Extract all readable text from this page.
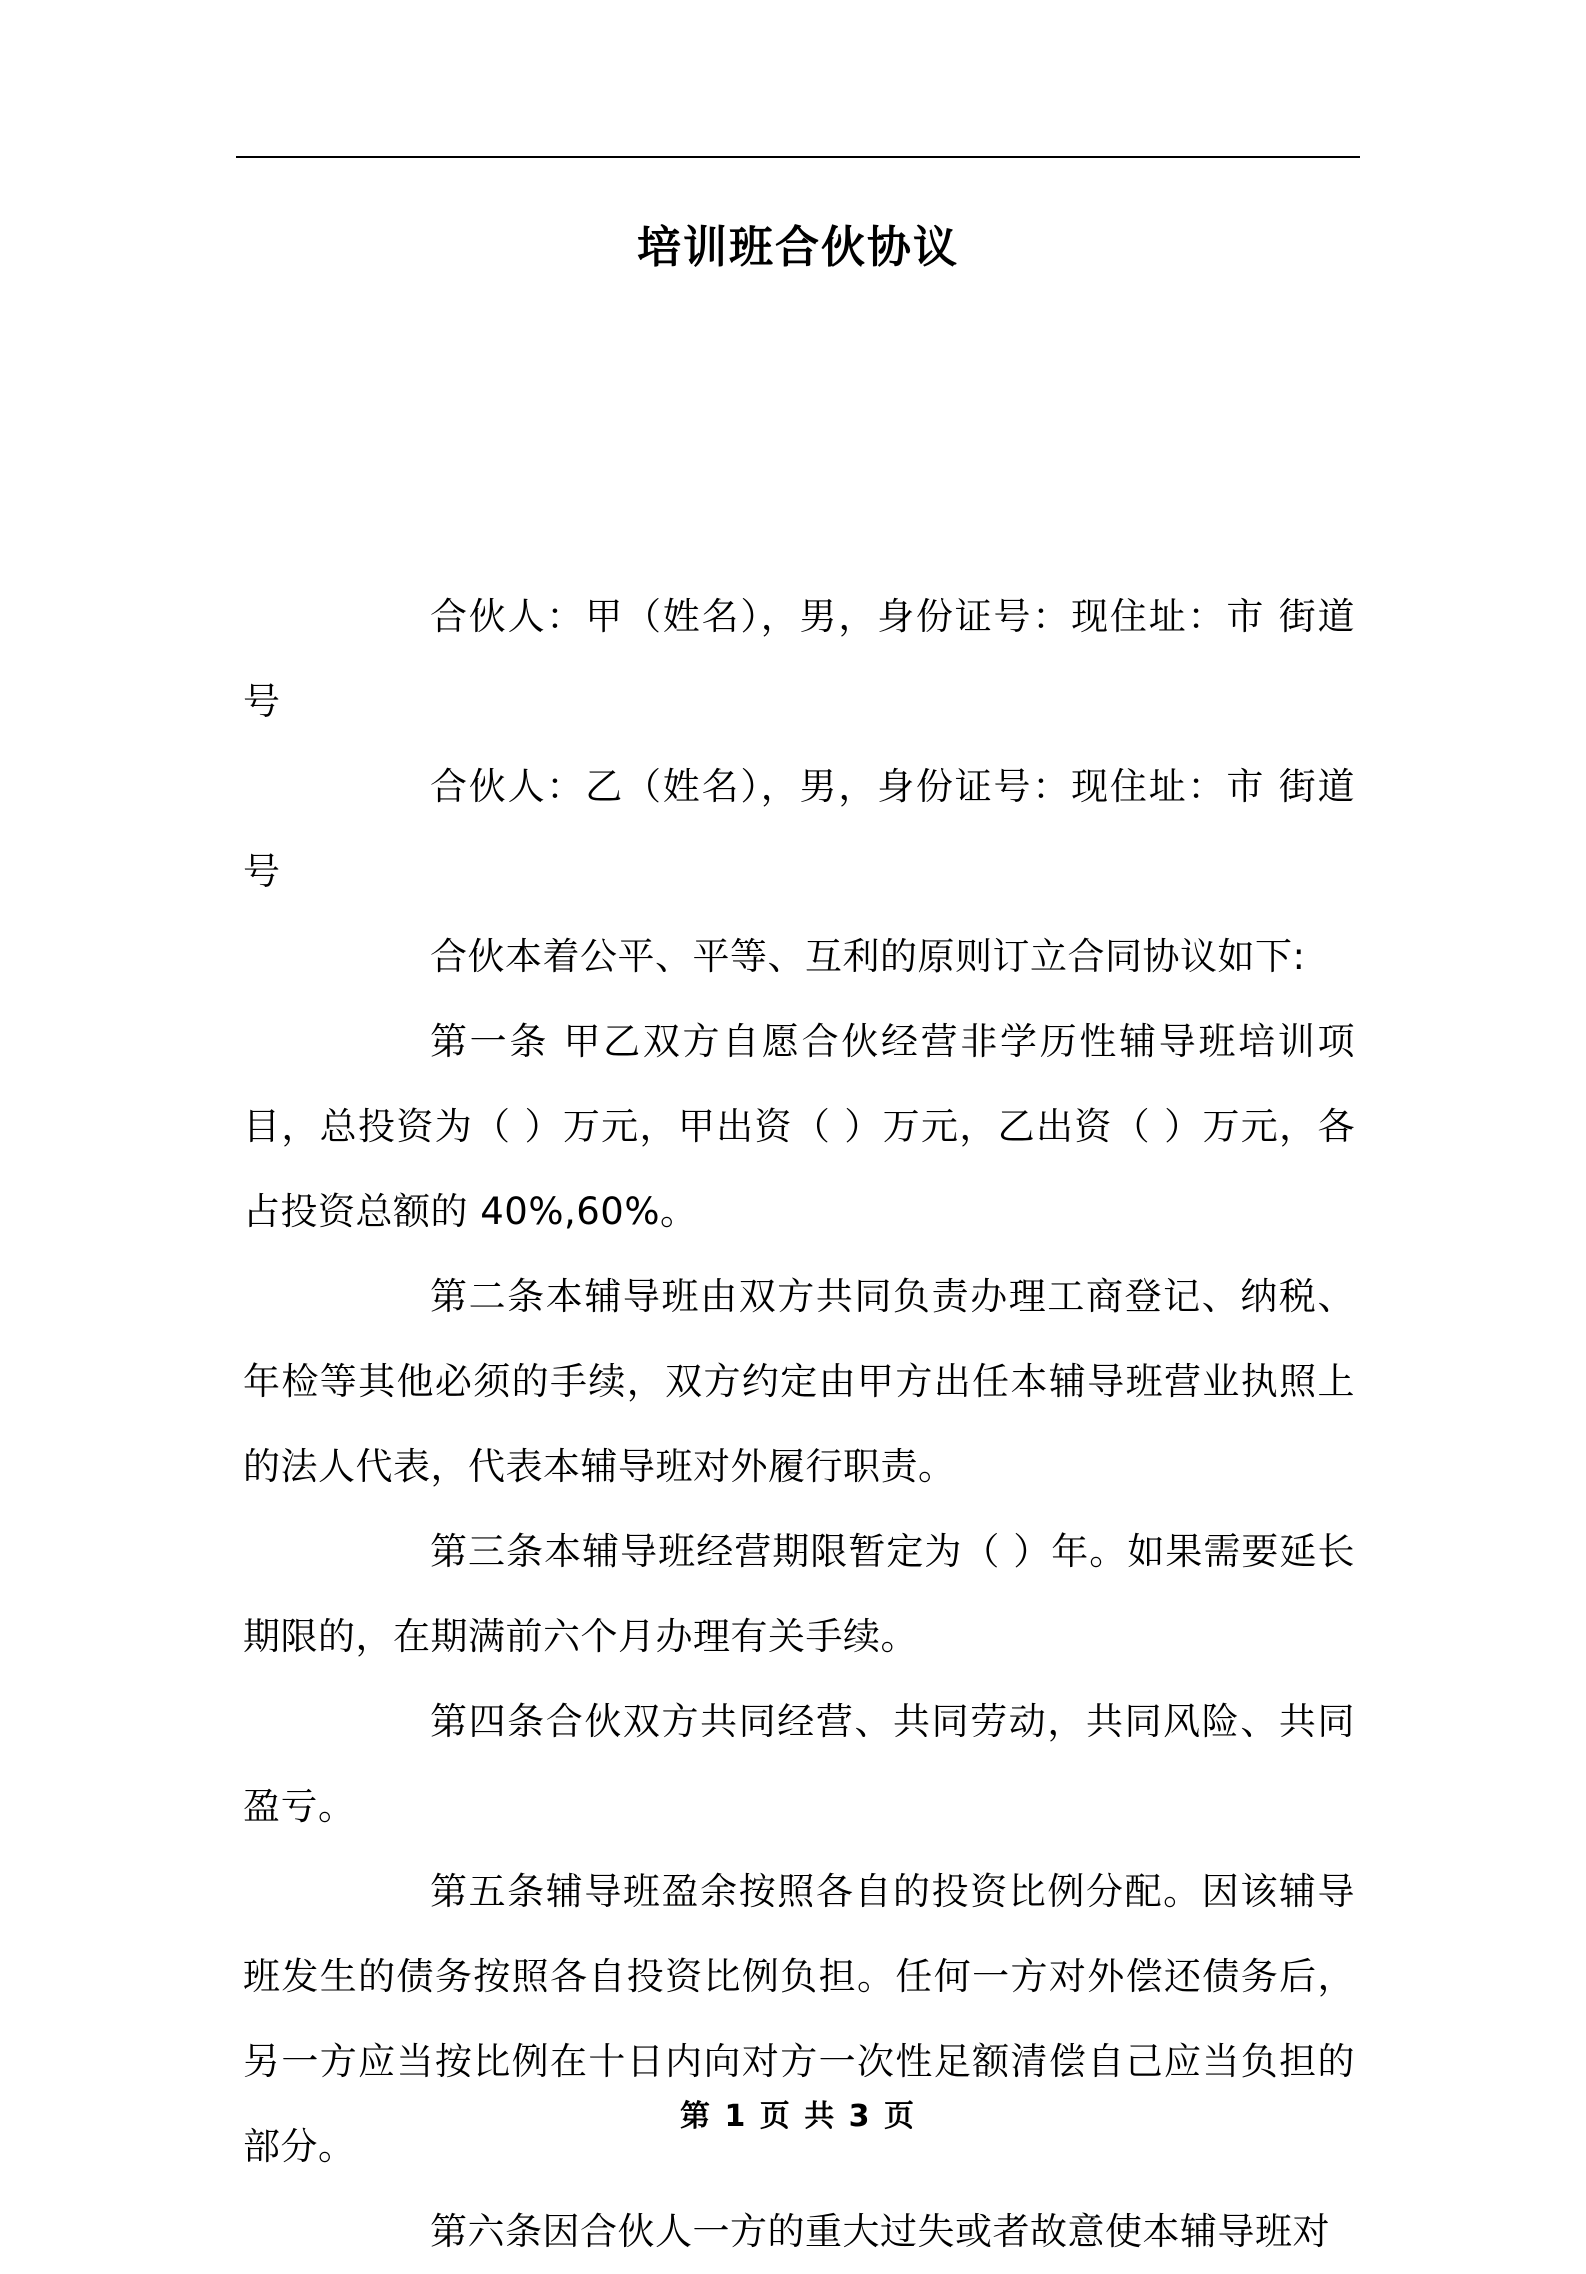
培训班合伙协议

合伙人：甲（姓名），男，身份证号：现住址：市 街道 号

合伙人：乙（姓名），男，身份证号：现住址：市 街道 号

合伙本着公平、平等、互利的原则订立合同协议如下:

第一条 甲乙双方自愿合伙经营非学历性辅导班培训项目，总投资为（ ）万元，甲出资（ ）万元，乙出资（ ）万元，各占投资总额的 40%,60%。

第二条本辅导班由双方共同负责办理工商登记、纳税、年检等其他必须的手续，双方约定由甲方出任本辅导班营业执照上的法人代表，代表本辅导班对外履行职责。

第三条本辅导班经营期限暂定为（ ）年。如果需要延长期限的，在期满前六个月办理有关手续。

第四条合伙双方共同经营、共同劳动，共同风险、共同盈亏。

第五条辅导班盈余按照各自的投资比例分配。因该辅导班发生的债务按照各自投资比例负担。任何一方对外偿还债务后，另一方应当按比例在十日内向对方一次性足额清偿自己应当负担的部分。

第六条因合伙人一方的重大过失或者故意使本辅导班对

第 1 页 共 3 页
